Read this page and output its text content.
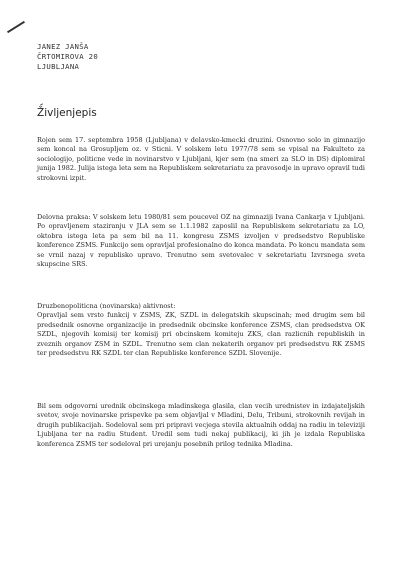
JANEZ JANŠA
ČRTOMIROVA 20
LJUBLJANA
Življenjepis
Rojen sem 17. septembra 1958 (Ljubljana) v delavsko-kmecki druzini. Osnovno solo in gimnazijo sem koncal na Grosupljem oz. v Sticni. V solskem letu 1977/78 sem se vpisal na Fakulteto za sociologijo, politicne vede in novinarstvo v Ljubljani, kjer sem (na smeri za SLO in DS) diplomiral junija 1982. Julija istega leta sem na Republiskem sekretariatu za pravosodje in upravo opravil tudi strokovni izpit.
Delovna praksa: V solskem letu 1980/81 sem poucevel OZ na gimnaziji Ivana Cankarja v Ljubljani. Po opravljenem staziranju v JLA sem se 1.1.1982 zaposlil na Republiskem sekretariatu za LO, oktobra istega leta pa sem bil na 11. kongresu ZSMS izvoljen v predsedstvo Republiske konference ZSMS. Funkcijo sem opravljal profesionalno do konca mandata. Po koncu mandata sem se vrnil nazaj v republisko upravo. Trenutno sem svetovalec v sekretariatu Izvrsnega sveta skupscine SRS.
Druzbenopoliticna (novinarska) aktivnost:
Opravljal sem vrsto funkcij v ZSMS, ZK, SZDL in delegatskih skupscinah; med drugim sem bil predsednik osnovne organizacije in predsednik obcinske konference ZSMS, clan predsedstva OK SZDL, njegovih komisij ter komisij pri obcinskem komiteju ZKS, clan razlicnih republiskih in zveznih organov ZSM in SZDL. Trenutno sem clan nekaterih organov pri predsedstvu RK ZSMS ter predsedstvu RK SZDL ter clan Republiske konference SZDL Slovenije.
Bil sem odgovorni urednik obcinskega mladinskega glasila, clan vecih urednistev in izdajateljskih svetov, svoje novinarske prispevke pa sem objavljal v Mladini, Delu, Tribuni, strokovnih revijah in drugih publikacijah. Sodeloval sem pri pripravi vecjega stevila aktualnih oddaj na radiu in televiziji Ljubljana ter na radiu Student. Uredil sem tudi nekaj publikacij, ki jih je izdala Republiska konferenca ZSMS ter sodeloval pri urejanju posebnih prilog tednika Mladina.
